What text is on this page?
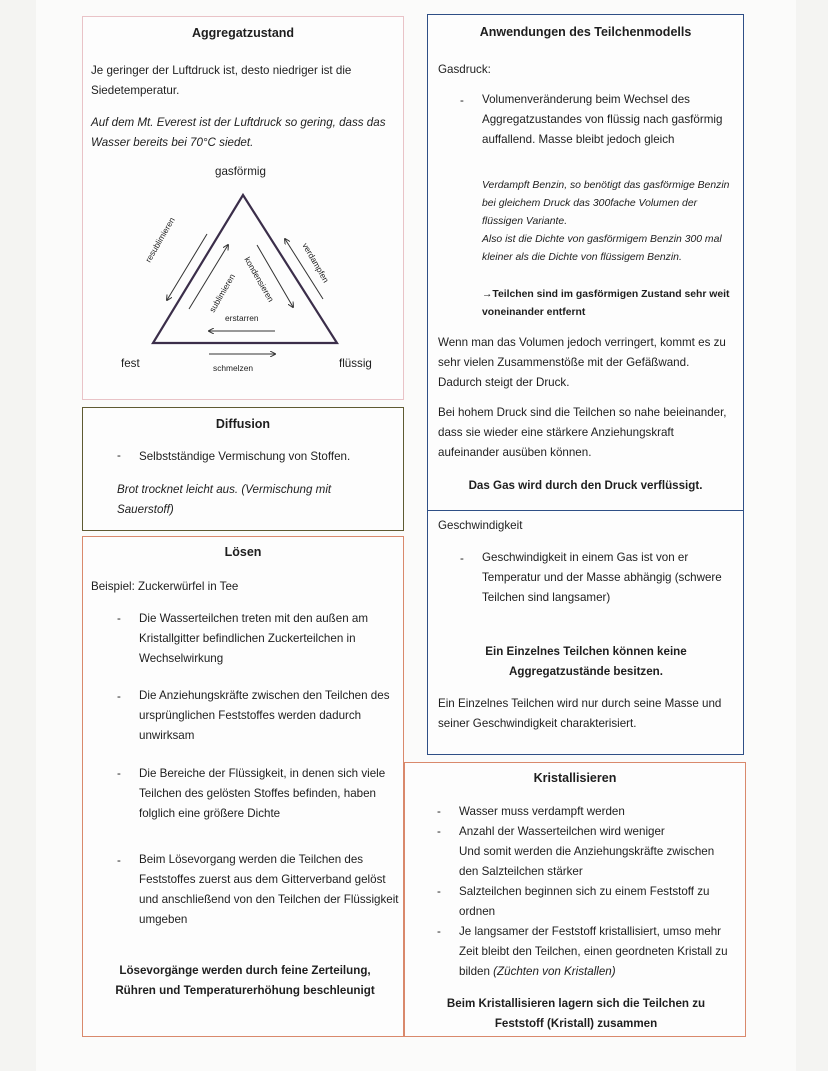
Aggregatzustand
Je geringer der Luftdruck ist, desto niedriger ist die Siedetemperatur.
Auf dem Mt. Everest ist der Luftdruck so gering, dass das Wasser bereits bei 70°C siedet.
gasförmig
fest	flüssig
resublimieren
sublimieren kondensieren	verdampfen
erstarren
schmelzen
Diffusion
- Selbstständige Vermischung von Stoffen.
Brot trocknet leicht aus. (Vermischung mit Sauerstoff)
Lösen
Beispiel: Zuckerwürfel in Tee
- Die Wasserteilchen treten mit den außen am Kristallgitter befindlichen Zuckerteilchen in Wechselwirkung
- Die Anziehungskräfte zwischen den Teilchen des ursprünglichen Feststoffes werden dadurch unwirksam
- Die Bereiche der Flüssigkeit, in denen sich viele Teilchen des gelösten Stoffes befinden, haben folglich eine größere Dichte
- Beim Lösevorgang werden die Teilchen des Feststoffes zuerst aus dem Gitterverband gelöst und anschließend von den Teilchen der Flüssigkeit umgeben
Lösevorgänge werden durch feine Zerteilung, Rühren und Temperaturerhöhung beschleunigt
Anwendungen des Teilchenmodells
Gasdruck:
- Volumenveränderung beim Wechsel des Aggregatzustandes von flüssig nach gasförmig auffallend. Masse bleibt jedoch gleich
Verdampft Benzin, so benötigt das gasförmige Benzin bei gleichem Druck das 300fache Volumen der flüssigen Variante.
Also ist die Dichte von gasförmigem Benzin 300 mal kleiner als die Dichte von flüssigem Benzin.
→Teilchen sind im gasförmigen Zustand sehr weit voneinander entfernt
Wenn man das Volumen jedoch verringert, kommt es zu sehr vielen Zusammenstöße mit der Gefäßwand. Dadurch steigt der Druck.
Bei hohem Druck sind die Teilchen so nahe beieinander, dass sie wieder eine stärkere Anziehungskraft aufeinander ausüben können.
Das Gas wird durch den Druck verflüssigt.
Geschwindigkeit
- Geschwindigkeit in einem Gas ist von er Temperatur und der Masse abhängig (schwere Teilchen sind langsamer)
Ein Einzelnes Teilchen können keine Aggregatzustände besitzen.
Ein Einzelnes Teilchen wird nur durch seine Masse und seiner Geschwindigkeit charakterisiert.
Kristallisieren
- Wasser muss verdampft werden
- Anzahl der Wasserteilchen wird weniger
Und somit werden die Anziehungskräfte zwischen den Salzteilchen stärker
- Salzteilchen beginnen sich zu einem Feststoff zu ordnen
- Je langsamer der Feststoff kristallisiert, umso mehr Zeit bleibt den Teilchen, einen geordneten Kristall zu bilden (Züchten von Kristallen)
Beim Kristallisieren lagern sich die Teilchen zu Feststoff (Kristall) zusammen
